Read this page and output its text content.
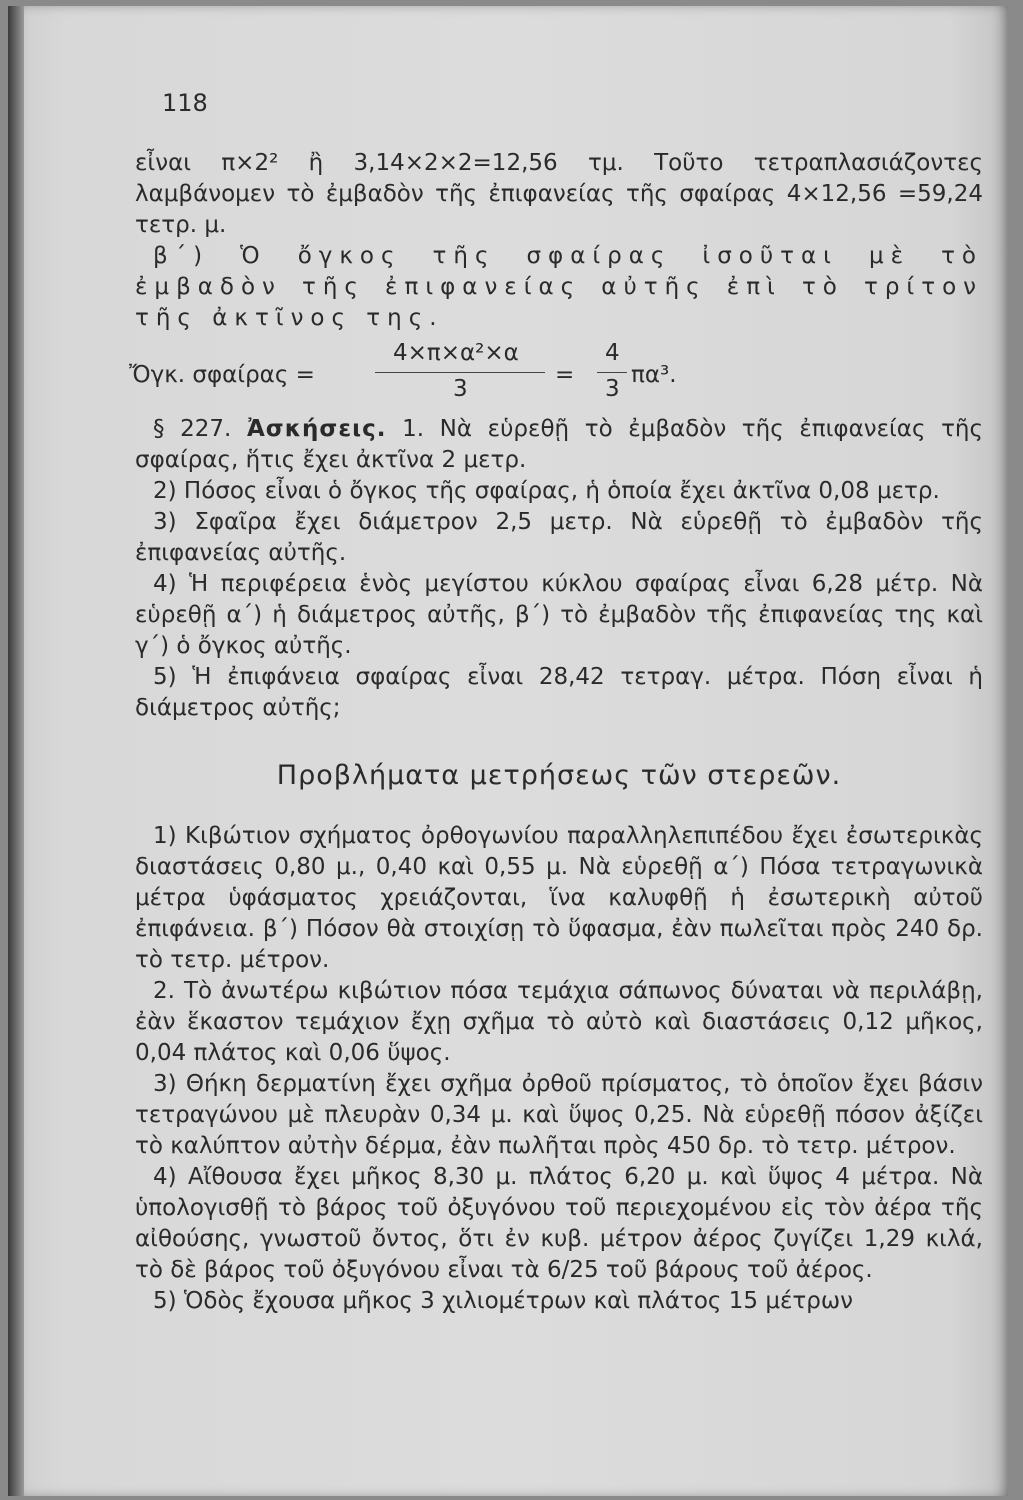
118

εἶναι π×2² ἢ 3,14×2×2=12,56 τμ. Τοῦτο τετραπλασιάζοντες λαμβάνομεν τὸ ἐμβαδὸν τῆς ἐπιφανείας τῆς σφαίρας 4×12,56 =59,24 τετρ. μ.

β΄) Ὁ ὄγκος τῆς σφαίρας ἰσοῦται μὲ τὸ ἐμβαδὸν τῆς ἐπιφανείας αὐτῆς ἐπὶ τὸ τρίτον τῆς ἀκτῖνος της.

Ὄγκ. σφαίρας =
4×π×α²×α
3
=
4
3
πα³.

§ 227. Ἀσκήσεις. 1. Νὰ εὑρεθῇ τὸ ἐμβαδὸν τῆς ἐπιφανείας τῆς σφαίρας, ἥτις ἔχει ἀκτῖνα 2 μετρ.

2) Πόσος εἶναι ὁ ὄγκος τῆς σφαίρας, ἡ ὁποία ἔχει ἀκτῖνα 0,08 μετρ.

3) Σφαῖρα ἔχει διάμετρον 2,5 μετρ. Νὰ εὑρεθῇ τὸ ἐμβαδὸν τῆς ἐπιφανείας αὐτῆς.

4) Ἡ περιφέρεια ἑνὸς μεγίστου κύκλου σφαίρας εἶναι 6,28 μέτρ. Νὰ εὑρεθῇ α΄) ἡ διάμετρος αὐτῆς, β΄) τὸ ἐμβαδὸν τῆς ἐπιφανείας της καὶ γ΄) ὁ ὄγκος αὐτῆς.

5) Ἡ ἐπιφάνεια σφαίρας εἶναι 28,42 τετραγ. μέτρα. Πόση εἶναι ἡ διάμετρος αὐτῆς;

Προβλήματα μετρήσεως τῶν στερεῶν.

1) Κιβώτιον σχήματος ὀρθογωνίου παραλληλεπιπέδου ἔχει ἐσωτερικὰς διαστάσεις 0,80 μ., 0,40 καὶ 0,55 μ. Νὰ εὑρεθῇ α΄) Πόσα τετραγωνικὰ μέτρα ὑφάσματος χρειάζονται, ἵνα καλυφθῇ ἡ ἐσωτερικὴ αὐτοῦ ἐπιφάνεια. β΄) Πόσον θὰ στοιχίσῃ τὸ ὕφασμα, ἐὰν πωλεῖται πρὸς 240 δρ. τὸ τετρ. μέτρον.

2. Τὸ ἀνωτέρω κιβώτιον πόσα τεμάχια σάπωνος δύναται νὰ περιλάβῃ, ἐὰν ἕκαστον τεμάχιον ἔχῃ σχῆμα τὸ αὐτὸ καὶ διαστάσεις 0,12 μῆκος, 0,04 πλάτος καὶ 0,06 ὕψος.

3) Θήκη δερματίνη ἔχει σχῆμα ὀρθοῦ πρίσματος, τὸ ὁποῖον ἔχει βάσιν τετραγώνου μὲ πλευρὰν 0,34 μ. καὶ ὕψος 0,25. Νὰ εὑρεθῇ πόσον ἀξίζει τὸ καλύπτον αὐτὴν δέρμα, ἐὰν πωλῆται πρὸς 450 δρ. τὸ τετρ. μέτρον.

4) Αἴθουσα ἔχει μῆκος 8,30 μ. πλάτος 6,20 μ. καὶ ὕψος 4 μέτρα. Νὰ ὑπολογισθῇ τὸ βάρος τοῦ ὀξυγόνου τοῦ περιεχομένου εἰς τὸν ἀέρα τῆς αἰθούσης, γνωστοῦ ὄντος, ὅτι ἐν κυβ. μέτρον ἀέρος ζυγίζει 1,29 κιλά, τὸ δὲ βάρος τοῦ ὀξυγόνου εἶναι τὰ 6/25 τοῦ βάρους τοῦ ἀέρος.

5) Ὁδὸς ἔχουσα μῆκος 3 χιλιομέτρων καὶ πλάτος 15 μέτρων
